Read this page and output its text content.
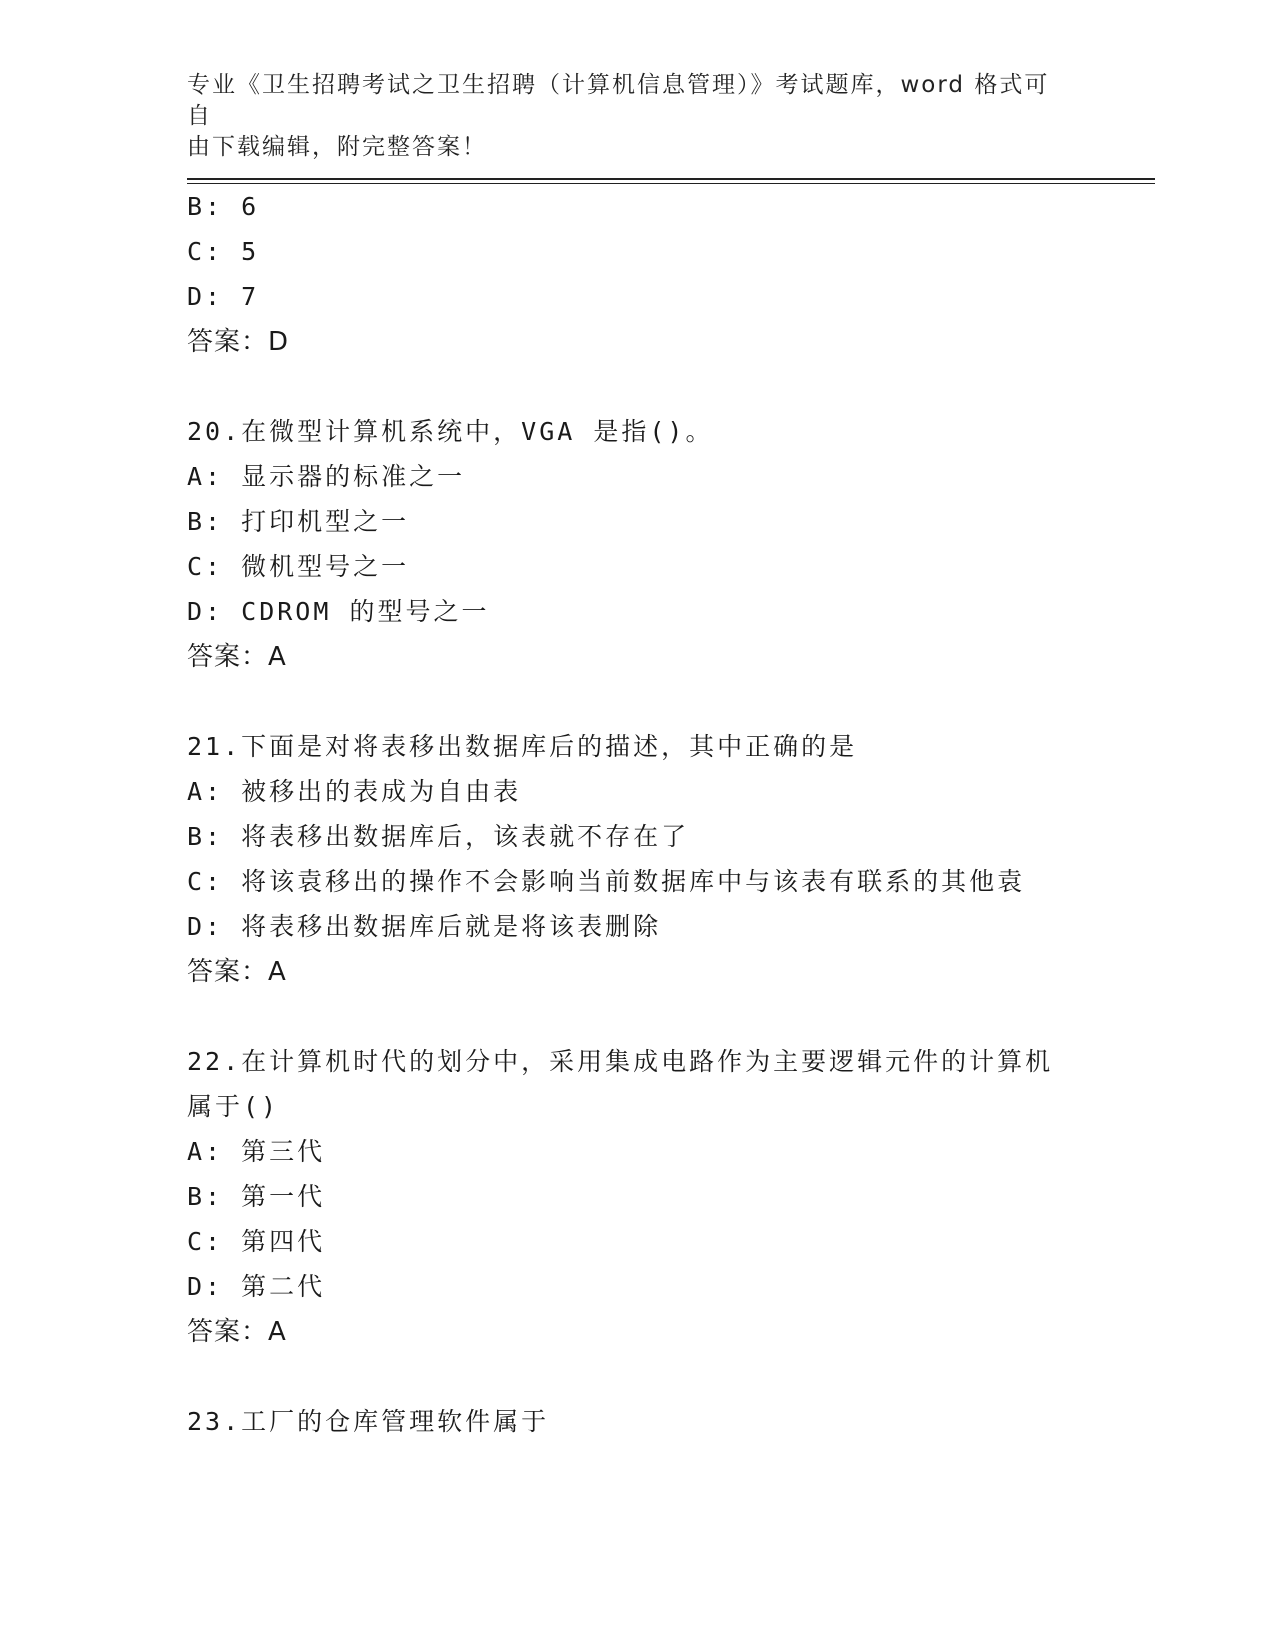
专业《卫生招聘考试之卫生招聘（计算机信息管理）》考试题库，word 格式可自
由下载编辑，附完整答案！
B: 6
C: 5
D: 7
答案：D
20.在微型计算机系统中，VGA 是指()。
A: 显示器的标准之一
B: 打印机型之一
C: 微机型号之一
D: CDROM 的型号之一
答案：A
21.下面是对将表移出数据库后的描述，其中正确的是
A: 被移出的表成为自由表
B: 将表移出数据库后，该表就不存在了
C: 将该袁移出的操作不会影响当前数据库中与该表有联系的其他袁
D: 将表移出数据库后就是将该表删除
答案：A
22.在计算机时代的划分中，采用集成电路作为主要逻辑元件的计算机
属于()
A: 第三代
B: 第一代
C: 第四代
D: 第二代
答案：A
23.工厂的仓库管理软件属于
